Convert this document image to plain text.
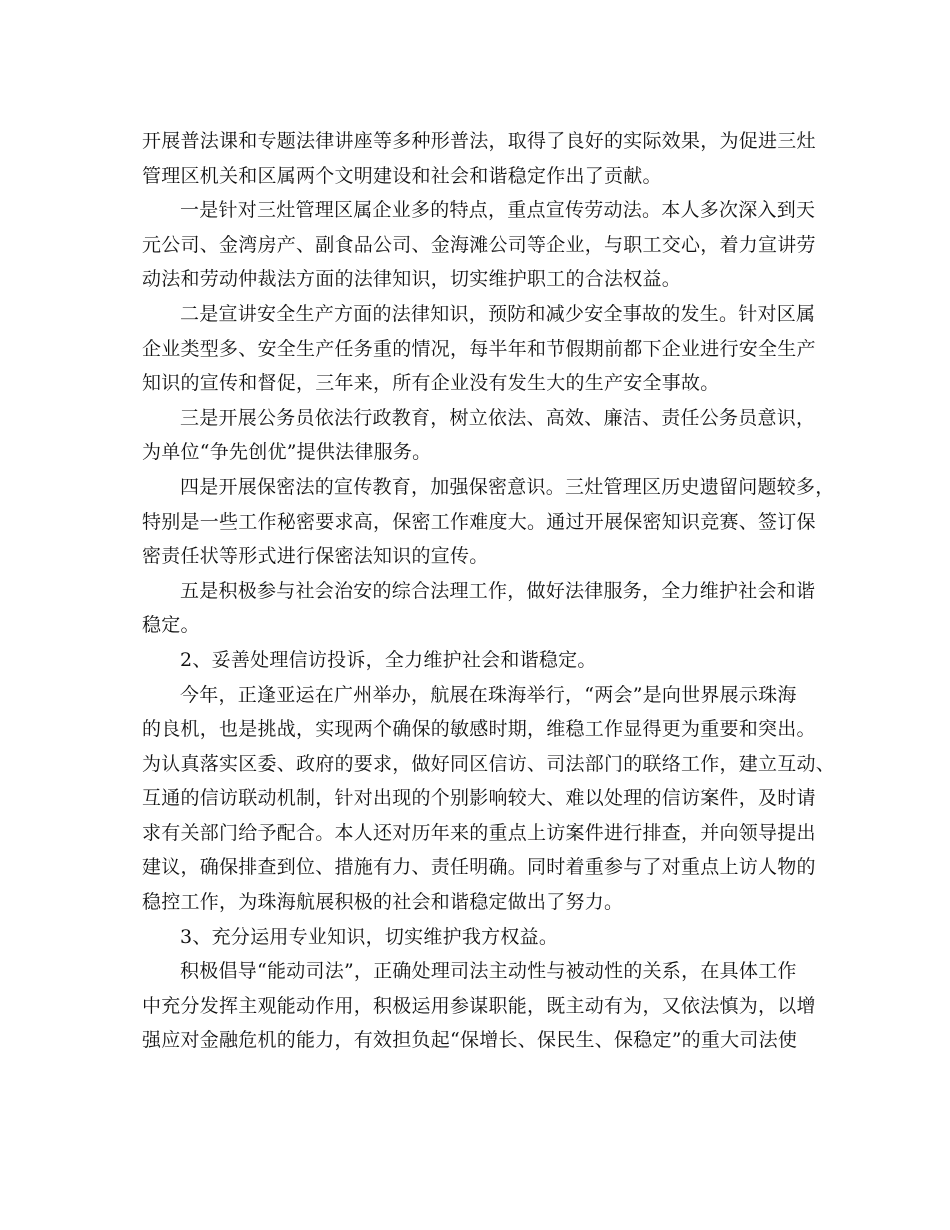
开展普法课和专题法律讲座等多种形普法，取得了良好的实际效果，为促进三灶
管理区机关和区属两个文明建设和社会和谐稳定作出了贡献。
一是针对三灶管理区属企业多的特点，重点宣传劳动法。本人多次深入到天
元公司、金湾房产、副食品公司、金海滩公司等企业，与职工交心，着力宣讲劳
动法和劳动仲裁法方面的法律知识，切实维护职工的合法权益。
二是宣讲安全生产方面的法律知识，预防和减少安全事故的发生。针对区属
企业类型多、安全生产任务重的情况，每半年和节假期前都下企业进行安全生产
知识的宣传和督促，三年来，所有企业没有发生大的生产安全事故。
三是开展公务员依法行政教育，树立依法、高效、廉洁、责任公务员意识，
为单位“争先创优”提供法律服务。
四是开展保密法的宣传教育，加强保密意识。三灶管理区历史遗留问题较多，
特别是一些工作秘密要求高，保密工作难度大。通过开展保密知识竞赛、签订保
密责任状等形式进行保密法知识的宣传。
五是积极参与社会治安的综合法理工作，做好法律服务，全力维护社会和谐
稳定。
2、妥善处理信访投诉，全力维护社会和谐稳定。
今年，正逢亚运在广州举办，航展在珠海举行，“两会”是向世界展示珠海
的良机，也是挑战，实现两个确保的敏感时期，维稳工作显得更为重要和突出。
为认真落实区委、政府的要求，做好同区信访、司法部门的联络工作，建立互动、
互通的信访联动机制，针对出现的个别影响较大、难以处理的信访案件，及时请
求有关部门给予配合。本人还对历年来的重点上访案件进行排查，并向领导提出
建议，确保排查到位、措施有力、责任明确。同时着重参与了对重点上访人物的
稳控工作，为珠海航展积极的社会和谐稳定做出了努力。
3、充分运用专业知识，切实维护我方权益。
积极倡导“能动司法”，正确处理司法主动性与被动性的关系，在具体工作
中充分发挥主观能动作用，积极运用参谋职能，既主动有为，又依法慎为，以增
强应对金融危机的能力，有效担负起“保增长、保民生、保稳定”的重大司法使
